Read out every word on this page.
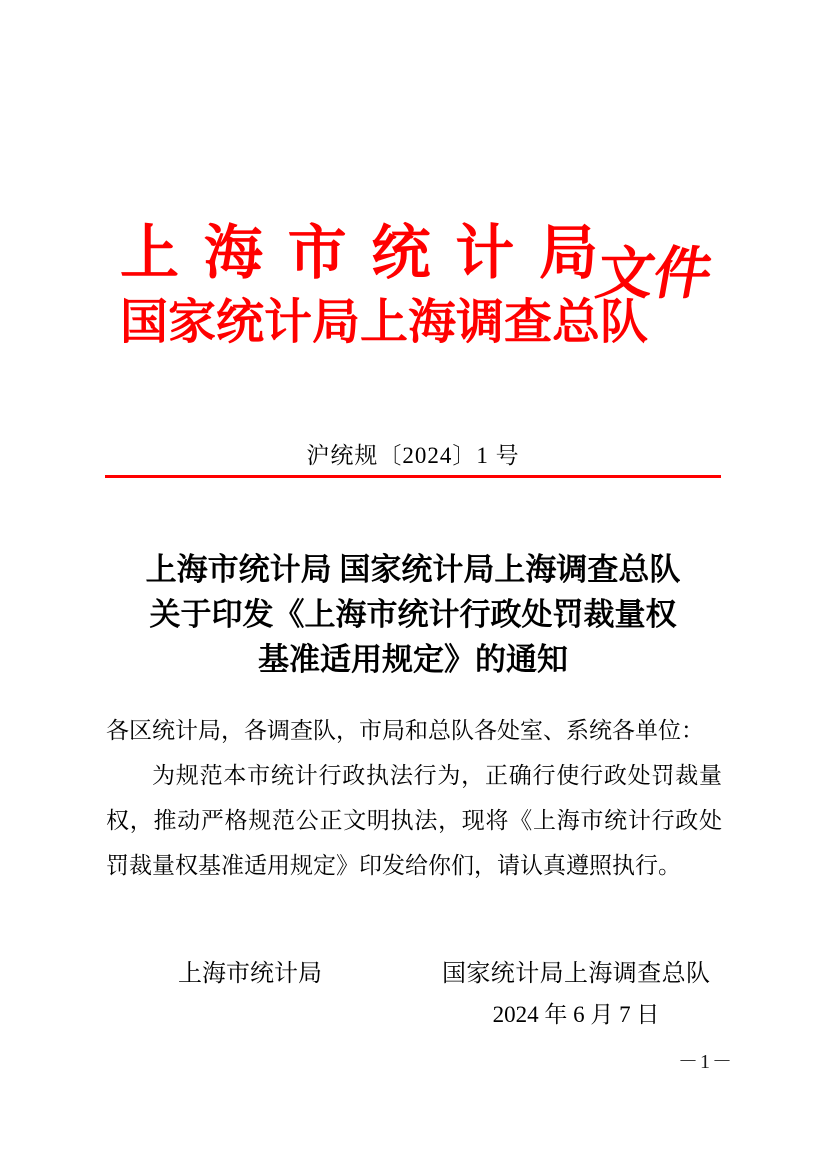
上 海 市 统 计 局
国家统计局上海调查总队
文件
沪统规〔2024〕1 号
上海市统计局 国家统计局上海调查总队
关于印发《上海市统计行政处罚裁量权
基准适用规定》的通知
各区统计局，各调查队，市局和总队各处室、系统各单位：
为规范本市统计行政执法行为，正确行使行政处罚裁量权，推动严格规范公正文明执法，现将《上海市统计行政处罚裁量权基准适用规定》印发给你们，请认真遵照执行。
上海市统计局	国家统计局上海调查总队
2024 年 6 月 7 日
－1－
